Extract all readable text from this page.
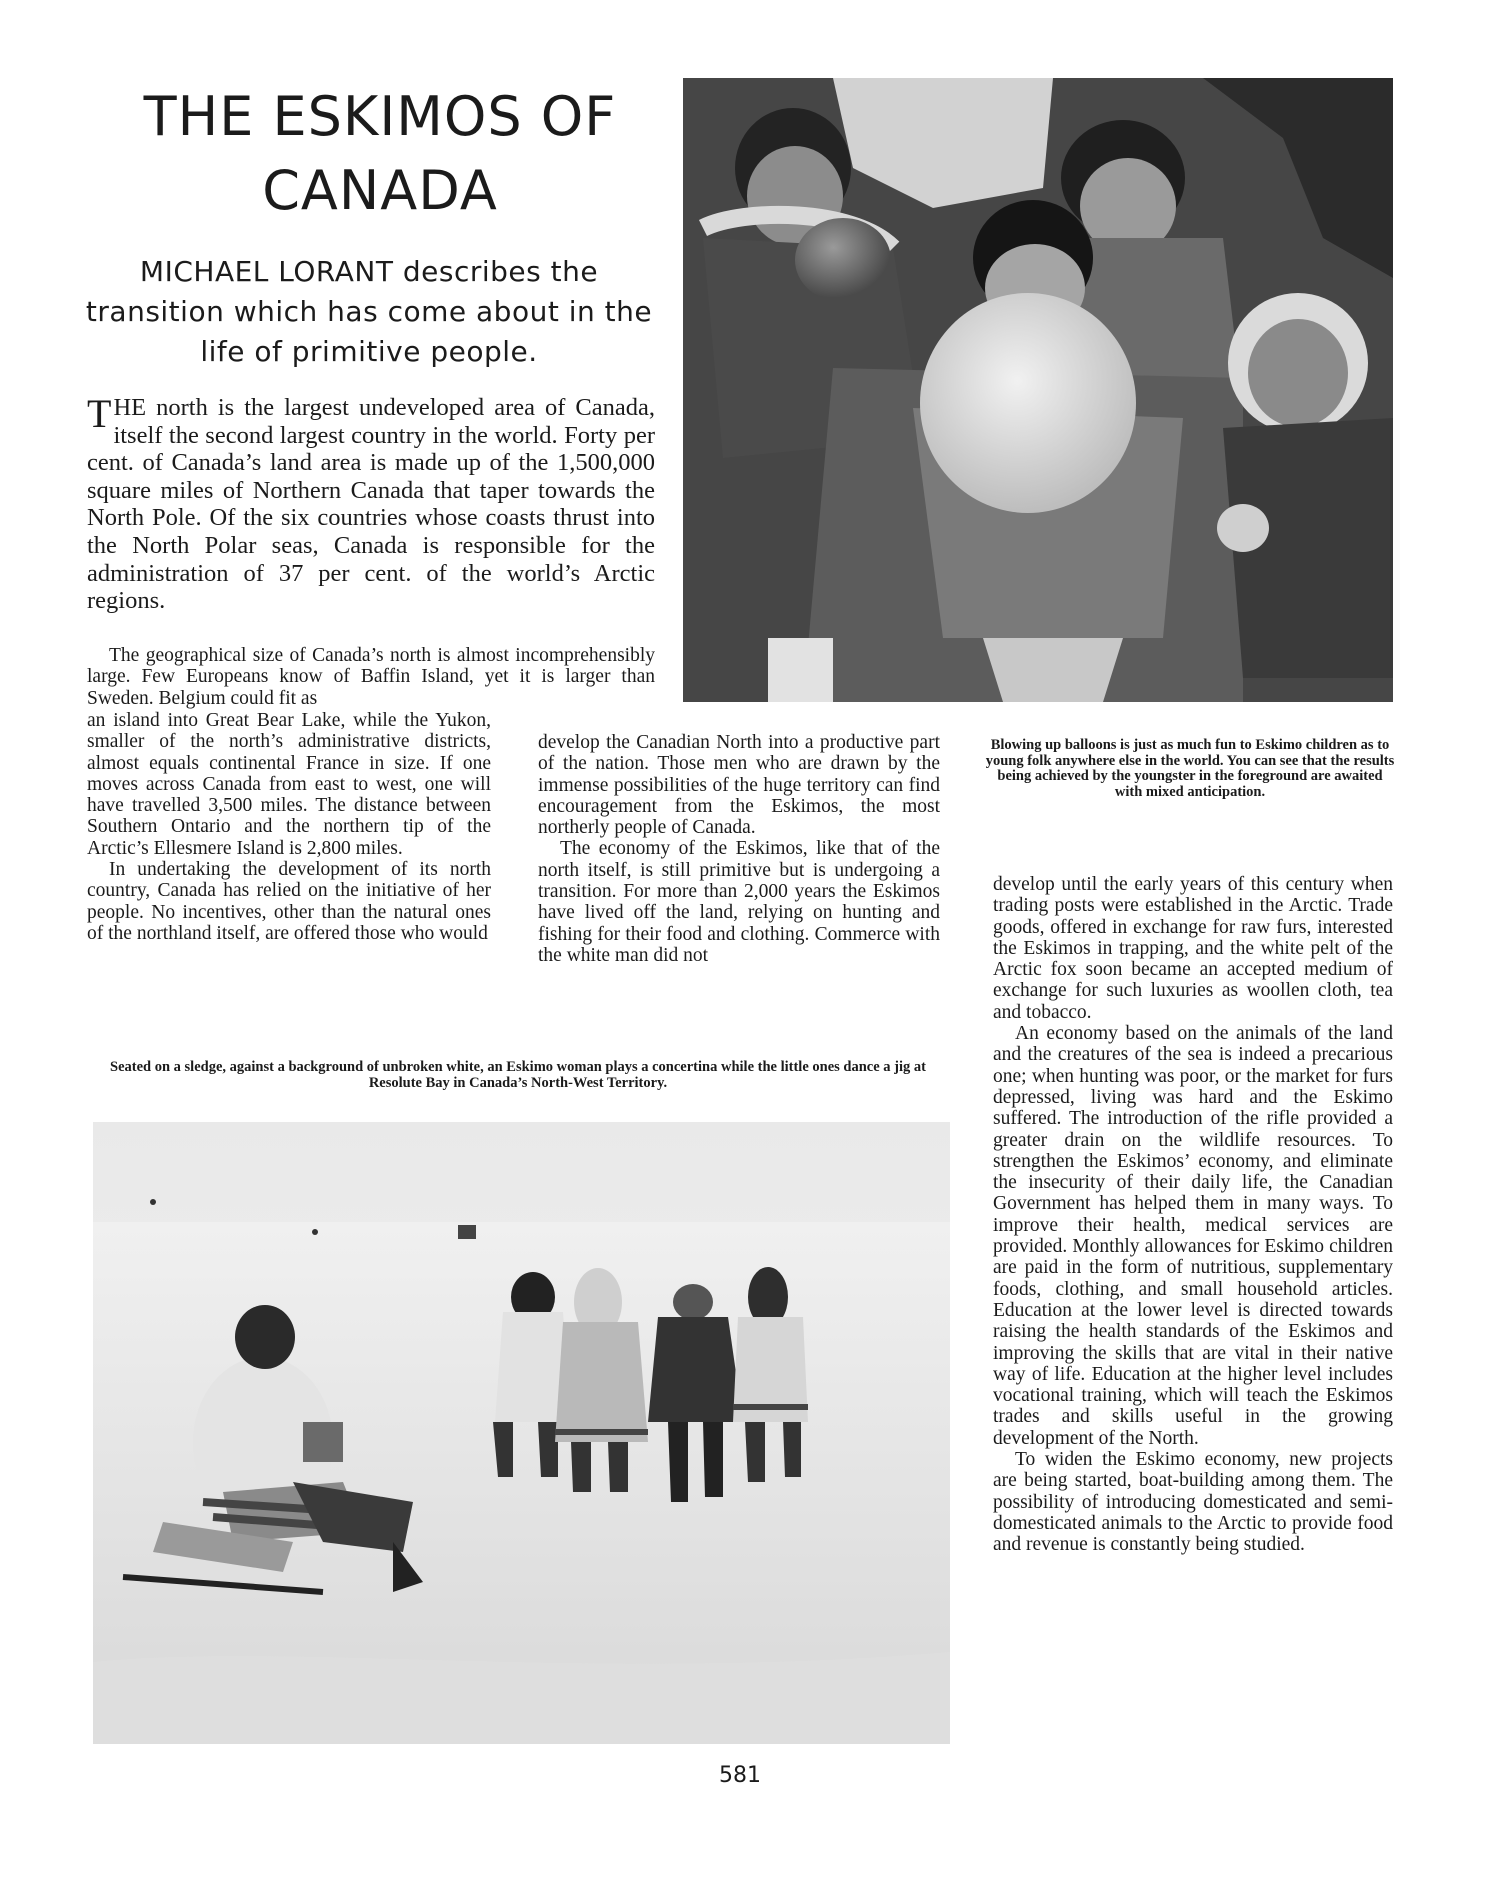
THE ESKIMOS OF CANADA
MICHAEL LORANT describes the transition which has come about in the life of primitive people.
THE north is the largest undeveloped area of Canada, itself the second largest country in the world. Forty per cent. of Canada’s land area is made up of the 1,500,000 square miles of Northern Canada that taper towards the North Pole. Of the six countries whose coasts thrust into the North Polar seas, Canada is responsible for the administration of 37 per cent. of the world’s Arctic regions.
The geographical size of Canada’s north is almost incomprehensibly large. Few Europeans know of Baffin Island, yet it is larger than Sweden. Belgium could fit as

an island into Great Bear Lake, while the Yukon, smaller of the north’s administrative districts, almost equals continental France in size. If one moves across Canada from east to west, one will have travelled 3,500 miles. The distance between Southern Ontario and the northern tip of the Arctic’s Ellesmere Island is 2,800 miles.

In undertaking the development of its north country, Canada has relied on the initiative of her people. No incentives, other than the natural ones of the northland itself, are offered those who would

develop the Canadian North into a productive part of the nation. Those men who are drawn by the immense possibilities of the huge territory can find encouragement from the Eskimos, the most northerly people of Canada.

The economy of the Eskimos, like that of the north itself, is still primitive but is undergoing a transition. For more than 2,000 years the Eskimos have lived off the land, relying on hunting and fishing for their food and clothing. Commerce with the white man did not

develop until the early years of this century when trading posts were established in the Arctic. Trade goods, offered in exchange for raw furs, interested the Eskimos in trapping, and the white pelt of the Arctic fox soon became an accepted medium of exchange for such luxuries as woollen cloth, tea and tobacco.

An economy based on the animals of the land and the creatures of the sea is indeed a precarious one; when hunting was poor, or the market for furs depressed, living was hard and the Eskimo suffered. The introduction of the rifle provided a greater drain on the wildlife resources. To strengthen the Eskimos’ economy, and eliminate the insecurity of their daily life, the Canadian Government has helped them in many ways. To improve their health, medical services are provided. Monthly allowances for Eskimo children are paid in the form of nutritious, supplementary foods, clothing, and small household articles. Education at the lower level is directed towards raising the health standards of the Eskimos and improving the skills that are vital in their native way of life. Education at the higher level includes vocational training, which will teach the Eskimos trades and skills useful in the growing development of the North.

To widen the Eskimo economy, new projects are being started, boat-building among them. The possibility of introducing domesticated and semi-domesticated animals to the Arctic to provide food and revenue is constantly being studied.

Blowing up balloons is just as much fun to Eskimo children as to young folk anywhere else in the world. You can see that the results being achieved by the youngster in the foreground are awaited with mixed anticipation.
Seated on a sledge, against a background of unbroken white, an Eskimo woman plays a concertina while the little ones dance a jig at Resolute Bay in Canada’s North-West Territory.
581
